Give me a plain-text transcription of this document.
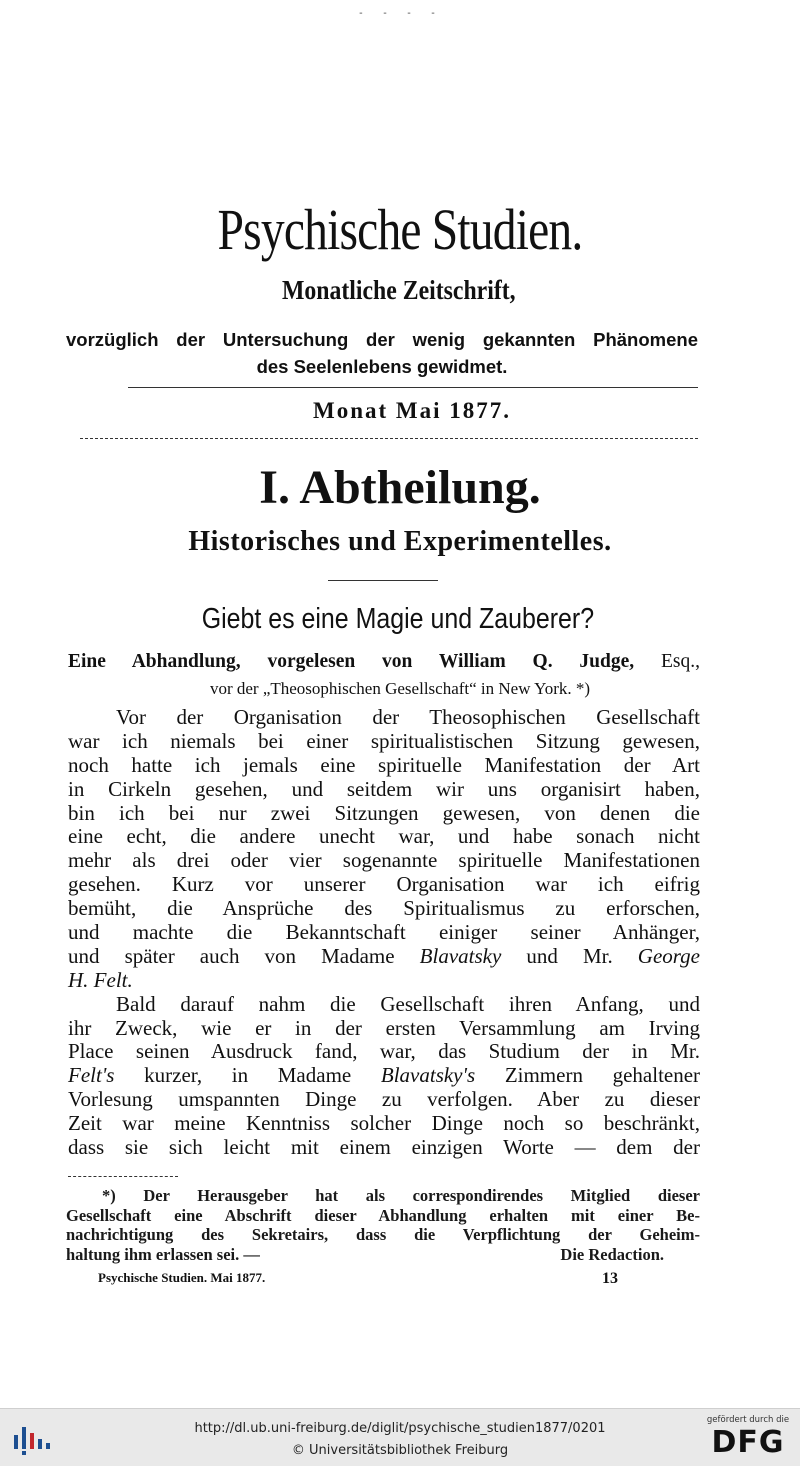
- - - -
Psychische Studien.
Monatliche Zeitschrift,
vorzüglich der Untersuchung der wenig gekannten Phänomene
des Seelenlebens gewidmet.
Monat Mai 1877.
I. Abtheilung.
Historisches und Experimentelles.
Giebt es eine Magie und Zauberer?
Eine Abhandlung, vorgelesen von William Q. Judge, Esq.,
vor der „Theosophischen Gesellschaft“ in New York. *)
Vor der Organisation der Theosophischen Gesellschaft
war ich niemals bei einer spiritualistischen Sitzung gewesen,
noch hatte ich jemals eine spirituelle Manifestation der Art
in Cirkeln gesehen, und seitdem wir uns organisirt haben,
bin ich bei nur zwei Sitzungen gewesen, von denen die
eine echt, die andere unecht war, und habe sonach nicht
mehr als drei oder vier sogenannte spirituelle Manifestationen
gesehen. Kurz vor unserer Organisation war ich eifrig
bemüht, die Ansprüche des Spiritualismus zu erforschen,
und machte die Bekanntschaft einiger seiner Anhänger,
und später auch von Madame Blavatsky und Mr. George
H. Felt.
Bald darauf nahm die Gesellschaft ihren Anfang, und
ihr Zweck, wie er in der ersten Versammlung am Irving
Place seinen Ausdruck fand, war, das Studium der in Mr.
Felt's kurzer, in Madame Blavatsky's Zimmern gehaltener
Vorlesung umspannten Dinge zu verfolgen. Aber zu dieser
Zeit war meine Kenntniss solcher Dinge noch so beschränkt,
dass sie sich leicht mit einem einzigen Worte — dem der
*) Der Herausgeber hat als correspondirendes Mitglied dieser
Gesellschaft eine Abschrift dieser Abhandlung erhalten mit einer Be-
nachrichtigung des Sekretairs, dass die Verpflichtung der Geheim-
haltung ihm erlassen sei. —	Die Redaction.
Psychische Studien. Mai 1877.	13
http://dl.ub.uni-freiburg.de/diglit/psychische_studien1877/0201
© Universitätsbibliothek Freiburg
gefördert durch die
DFG
